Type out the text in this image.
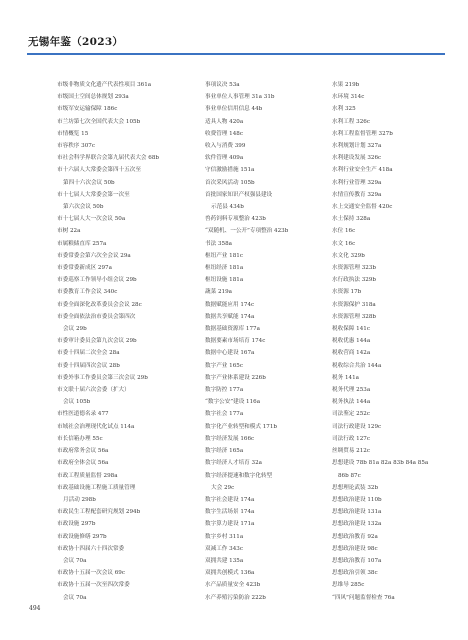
无锡年鉴（2023）
市级非物质文化遗产代表性项目 361a
市级国土空间总体规划 293a
市级军安运输保障 186c
市兰坊第七次全国代表大会 105b
市情概览 15
市容秩序 307c
市社会科学界联合会第九届代表大会 68b
市十六届人大常委会第四十五次至
第四十六次会议 50b
市十七届人大常委会第一次至
第六次会议 50b
市十七届人大一次会议 50a
市树 22a
市属粮储直库 257a
市委常委会第六次全会议 29a
市委常委新成区 297a
市委巡察工作领导小组会议 29b
市委教育工作会议 340c
市委全面深化改革委员会会议 28c
市委全面依法治市委员会第四次
会议 29b
市委审计委员会第九次会议 29b
市委十四届二次全会 28a
市委十四届四次会议 28b
市委外事工作委员会第三次会议 29b
市文联十届六次会委（扩大）
会议 105b
市性医道德名录 477
市域社会治理现代化试点 114a
市长信箱办理 55c
市政府常务会议 56a
市政府全体会议 56a
市政工程质量监督 298a
市政基础设施工程施工质量管理
月活动 298b
市政民生工程配套研究规划 294b
市政设施 297b
市政设施修缮 297b
市政协十四届六十四次常委
会议 70a
市政协十五届一次会议 69c
市政协十五届一次至四次常委
会议 70a
事项议决 53a
事业单位人事管理 31a 31b
事业单位信用信息 44b
适具人物 420a
收费管理 148c
收入与消费 399
软件管理 409a
守信激励措施 151a
首次采风活动 105b
首批国家知识产权强县建设
示范县 434b
兽药饲料专项整治 423b
“双随机、一公开”专项整治 423b
书法 358a
枢纽产业 181c
枢纽经济 181a
枢纽设施 181a
蔬菜 219a
数据赋能应用 174c
数据共享赋能 174a
数据基础资源库 177a
数据要素市场培育 174c
数据中心建设 167a
数字产业 165c
数字产业体系建设 226b
数字防控 177a
“数字公安”建设 116a
数字社会 177a
数字化产业转型和模式 171b
数字经济发展 166c
数字经济 165a
数字经济人才培育 32a
数字经济提速和数字化转型
大会 29c
数字社会建设 174a
数字生活场景 174a
数字算力建设 171a
数字乡村 311a
双减工作 343c
双拥共建 135a
双拥共创模式 136a
水产品质量安全 423b
水产养殖污染防治 222b
水果 219b
水环境 314c
水利 325
水利工程 326c
水利工程监督管理 327b
水利规划计划 327a
水利建设发展 326c
水利行业安全生产 418a
水利行业管理 329a
水情宣传教育 329a
水上交通安全监督 420c
水土保持 328a
水位 16c
水文 16c
水文化 329b
水资源管理 323b
水行政执法 329b
水资源 17b
水资源保护 318a
水资源管理 328b
税收保障 141c
税收优惠 144a
税收营商 142a
税收综合共治 144a
税务 141a
税务代理 253a
税务执法 144a
司法鉴定 252c
司法行政建设 129c
司法行政 127c
丝绸贸易 212c
思想建设 78b 81a 82a 83b 84a 85a
86b 87c
思想理论武装 32b
思想政治建设 110b
思想政治建设 131a
思想政治建设 132a
思想政治教育 92a
思想政治建设 98c
思想政治教育 107a
思想政治引领 38c
思维导 285c
“四风”问题监督检查 76a
494
